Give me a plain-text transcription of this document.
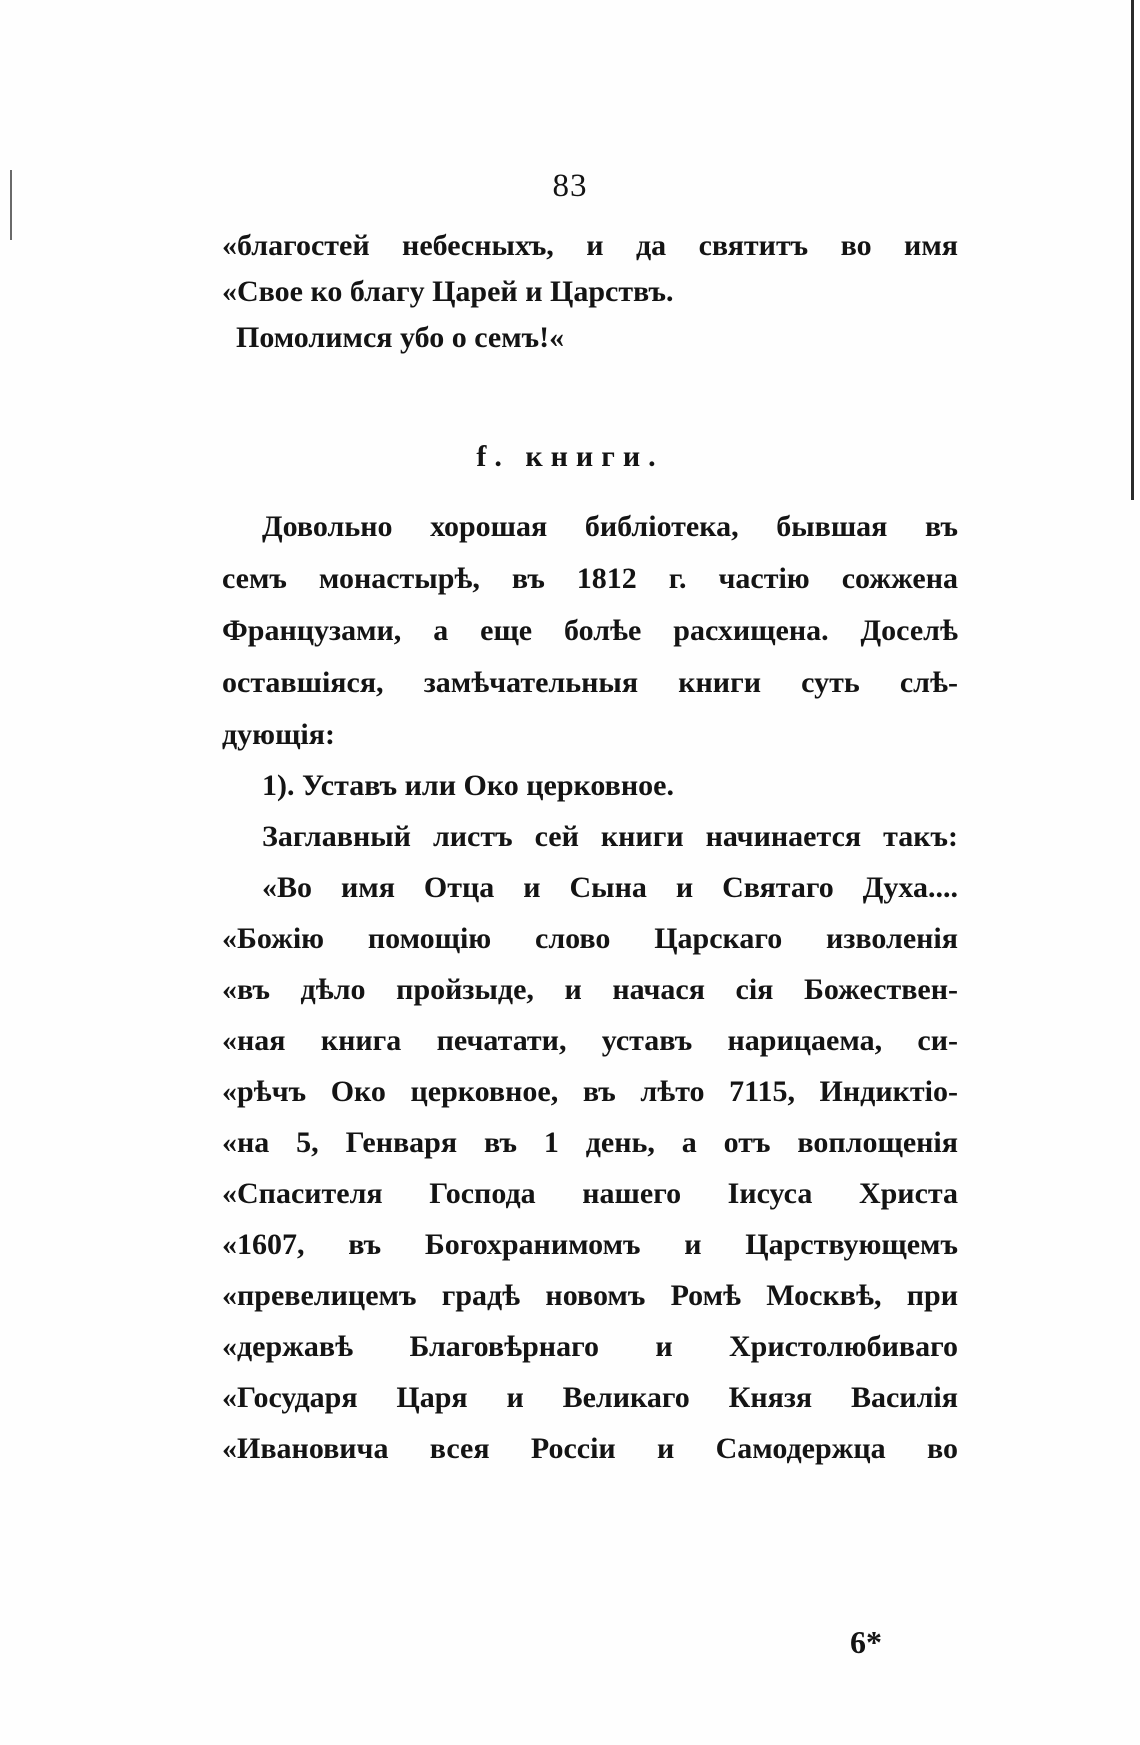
83
«благостей небесныхъ, и да святитъ во имя
«Свое ко благу Царей и Царствъ.
Помолимся убо о семъ!«
Довольно хорошая библіотека, бывшая въ
семъ монастырѣ, въ 1812 г. частію сожжена
Французами, а еще болѣе расхищена. Доселѣ
оставшіяся, замѣчательныя книги суть слѣ-
дующія:
1). Уставъ или Око церковное.
Заглавный листъ сей книги начинается такъ:
«Во имя Отца и Сына и Святаго Духа....
«Божію помощію слово Царскаго изволенія
«въ дѣло пройзыде, и начася сія Божествен-
«ная книга печатати, уставъ нарицаема, си-
«рѣчъ Око церковное, въ лѣто 7115, Индиктіо-
«на 5, Генваря въ 1 день, а отъ воплощенія
«Спасителя Господа нашего Іисуса Христа
«1607, въ Богохранимомъ и Царствующемъ
«превелицемъ градѣ новомъ Ромѣ Москвѣ, при
«державѣ Благовѣрнаго и Христолюбиваго
«Государя Царя и Великаго Князя Василія
«Ивановича всея Россіи и Самодержца во
f. книги.
6*
